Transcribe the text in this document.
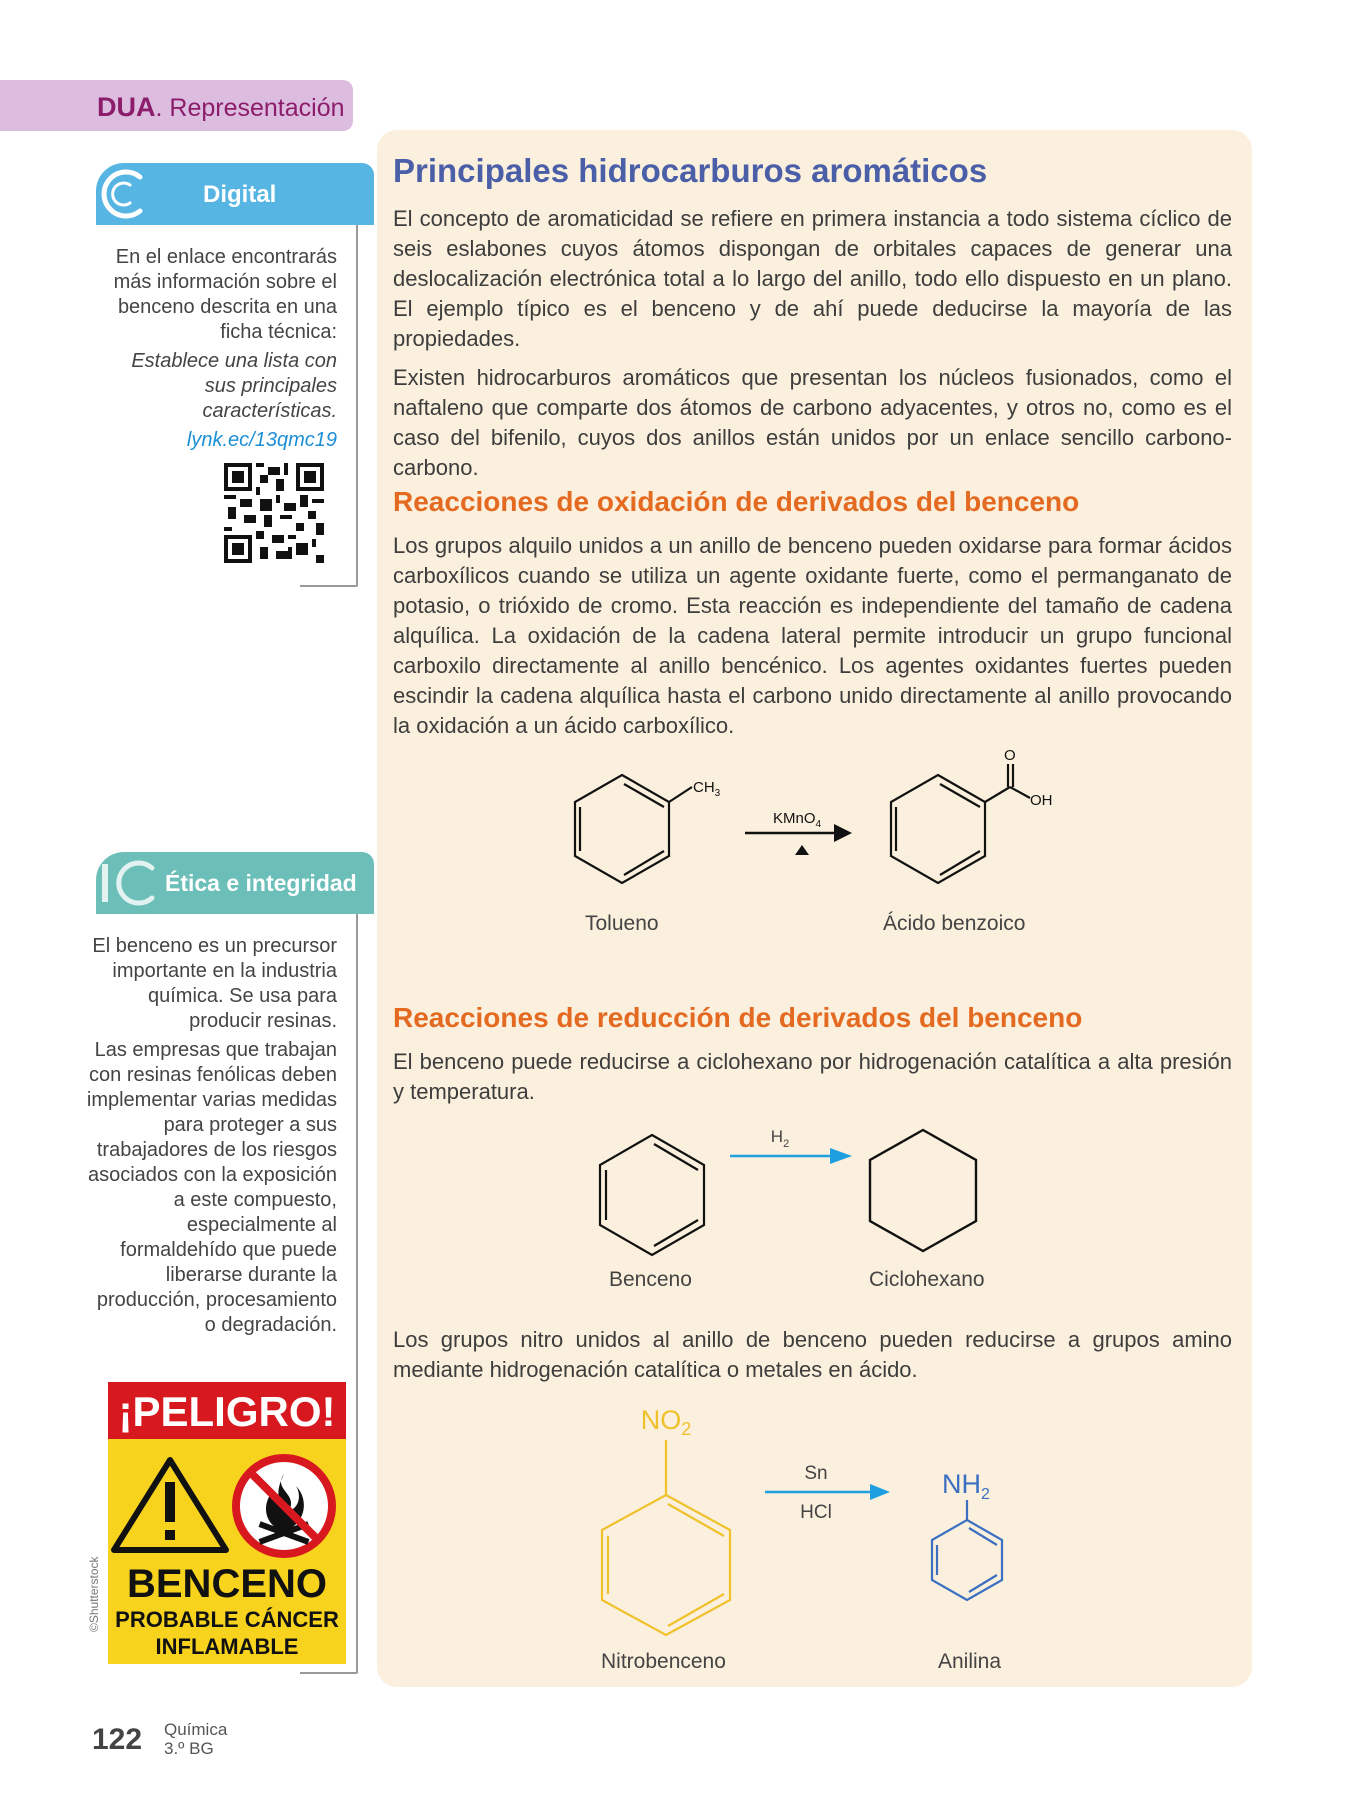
DUA. Representación
Digital

En el enlace encontrarás más información sobre el benceno descrita en una ficha técnica:

Establece una lista con sus principales características.

lynk.ec/13qmc19

Ética e integridad

El benceno es un precursor importante en la industria química. Se usa para producir resinas.

Las empresas que trabajan con resinas fenólicas deben implementar varias medidas para proteger a sus trabajadores de los riesgos asociados con la exposición a este compuesto, especialmente al formaldehído que puede liberarse durante la producción, procesamiento o degradación.

¡PELIGRO!
BENCENO
PROBABLE CÁNCER
INFLAMABLE
©Shutterstock
Principales hidrocarburos aromáticos

El concepto de aromaticidad se refiere en primera instancia a todo sistema cíclico de seis eslabones cuyos átomos dispongan de orbitales capaces de generar una deslocalización electrónica total a lo largo del anillo, todo ello dispuesto en un plano. El ejemplo típico es el benceno y de ahí puede deducirse la mayoría de las propiedades.

Existen hidrocarburos aromáticos que presentan los núcleos fusionados, como el naftaleno que comparte dos átomos de carbono adyacentes, y otros no, como es el caso del bifenilo, cuyos dos anillos están unidos por un enlace sencillo carbono-carbono.

Reacciones de oxidación de derivados del benceno

Los grupos alquilo unidos a un anillo de benceno pueden oxidarse para formar ácidos carboxílicos cuando se utiliza un agente oxidante fuerte, como el permanganato de potasio, o trióxido de cromo. Esta reacción es independiente del tamaño de cadena alquílica. La oxidación de la cadena lateral permite introducir un grupo funcional carboxilo directamente al anillo bencénico. Los agentes oxidantes fuertes pueden escindir la cadena alquílica hasta el carbono unido directamente al anillo provocando la oxidación a un ácido carboxílico.

$CH_3$
KMnO$_4$
O
OH
Tolueno	Ácido benzoico
Reacciones de reducción de derivados del benceno

El benceno puede reducirse a ciclohexano por hidrogenación catalítica a alta presión y temperatura.

$H_2$
Benceno	Ciclohexano

Los grupos nitro unidos al anillo de benceno pueden reducirse a grupos amino mediante hidrogenación catalítica o metales en ácido.

$NO_2$
Sn
HCl
$NH_2$
Nitrobenceno	Anilina
122 Química
3.º BG
